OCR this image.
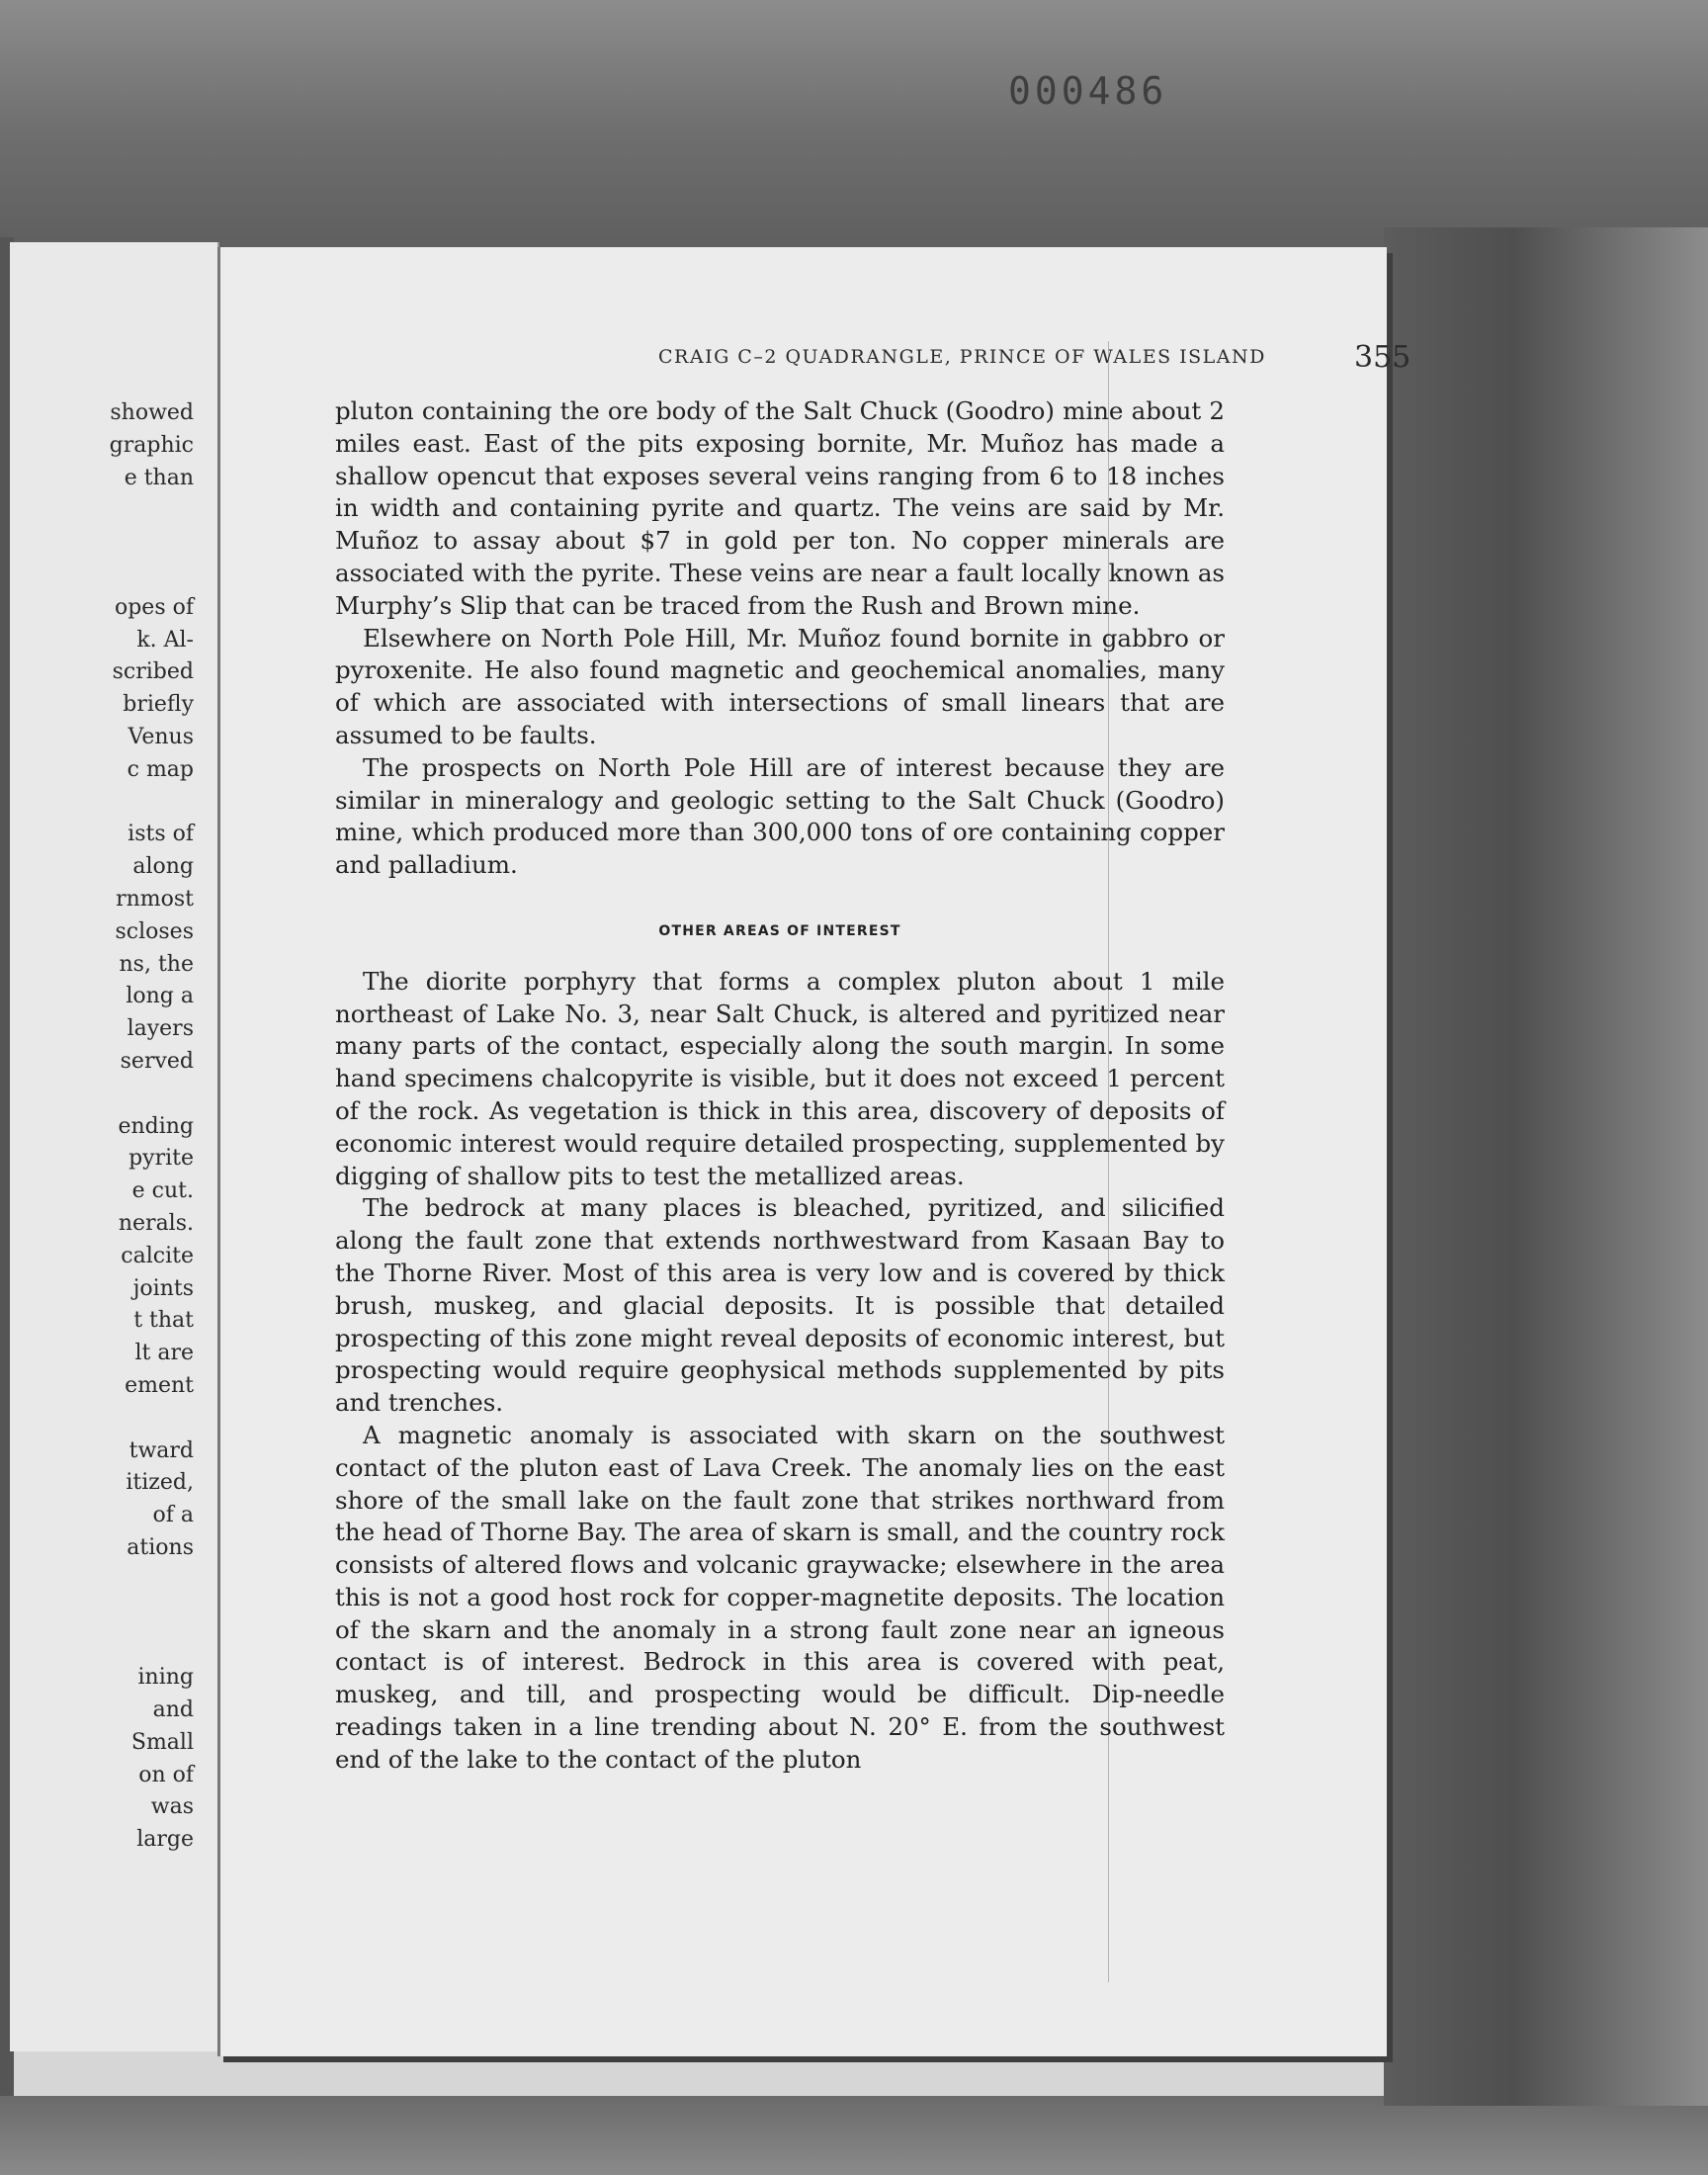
000486
showed
graphic
e than
opes of
k. Al-
scribed
briefly
Venus
c map
ists of
along
rnmost
scloses
ns, the
long a
layers
served
ending
pyrite
e cut.
nerals.
calcite
joints
t that
lt are
ement
tward
itized,
of a
ations
ining
and
Small
on of
was
large
CRAIG C–2 QUADRANGLE, PRINCE OF WALES ISLAND	355

pluton containing the ore body of the Salt Chuck (Goodro) mine about 2 miles east. East of the pits exposing bornite, Mr. Muñoz has made a shallow opencut that exposes several veins ranging from 6 to 18 inches in width and containing pyrite and quartz. The veins are said by Mr. Muñoz to assay about $7 in gold per ton. No copper minerals are associated with the pyrite. These veins are near a fault locally known as Murphy’s Slip that can be traced from the Rush and Brown mine.

Elsewhere on North Pole Hill, Mr. Muñoz found bornite in gabbro or pyroxenite. He also found magnetic and geochemical anomalies, many of which are associated with intersections of small linears that are assumed to be faults.

The prospects on North Pole Hill are of interest because they are similar in mineralogy and geologic setting to the Salt Chuck (Goodro) mine, which produced more than 300,000 tons of ore containing copper and palladium.

OTHER AREAS OF INTEREST

The diorite porphyry that forms a complex pluton about 1 mile northeast of Lake No. 3, near Salt Chuck, is altered and pyritized near many parts of the contact, especially along the south margin. In some hand specimens chalcopyrite is visible, but it does not exceed 1 percent of the rock. As vegetation is thick in this area, discovery of deposits of economic interest would require detailed prospecting, supplemented by digging of shallow pits to test the metallized areas.

The bedrock at many places is bleached, pyritized, and silicified along the fault zone that extends northwestward from Kasaan Bay to the Thorne River. Most of this area is very low and is covered by thick brush, muskeg, and glacial deposits. It is possible that detailed prospecting of this zone might reveal deposits of economic interest, but prospecting would require geophysical methods supplemented by pits and trenches.

A magnetic anomaly is associated with skarn on the southwest contact of the pluton east of Lava Creek. The anomaly lies on the east shore of the small lake on the fault zone that strikes northward from the head of Thorne Bay. The area of skarn is small, and the country rock consists of altered flows and volcanic graywacke; elsewhere in the area this is not a good host rock for copper-magnetite deposits. The location of the skarn and the anomaly in a strong fault zone near an igneous contact is of interest. Bedrock in this area is covered with peat, muskeg, and till, and prospecting would be difficult. Dip-needle readings taken in a line trending about N. 20° E. from the southwest end of the lake to the contact of the pluton
